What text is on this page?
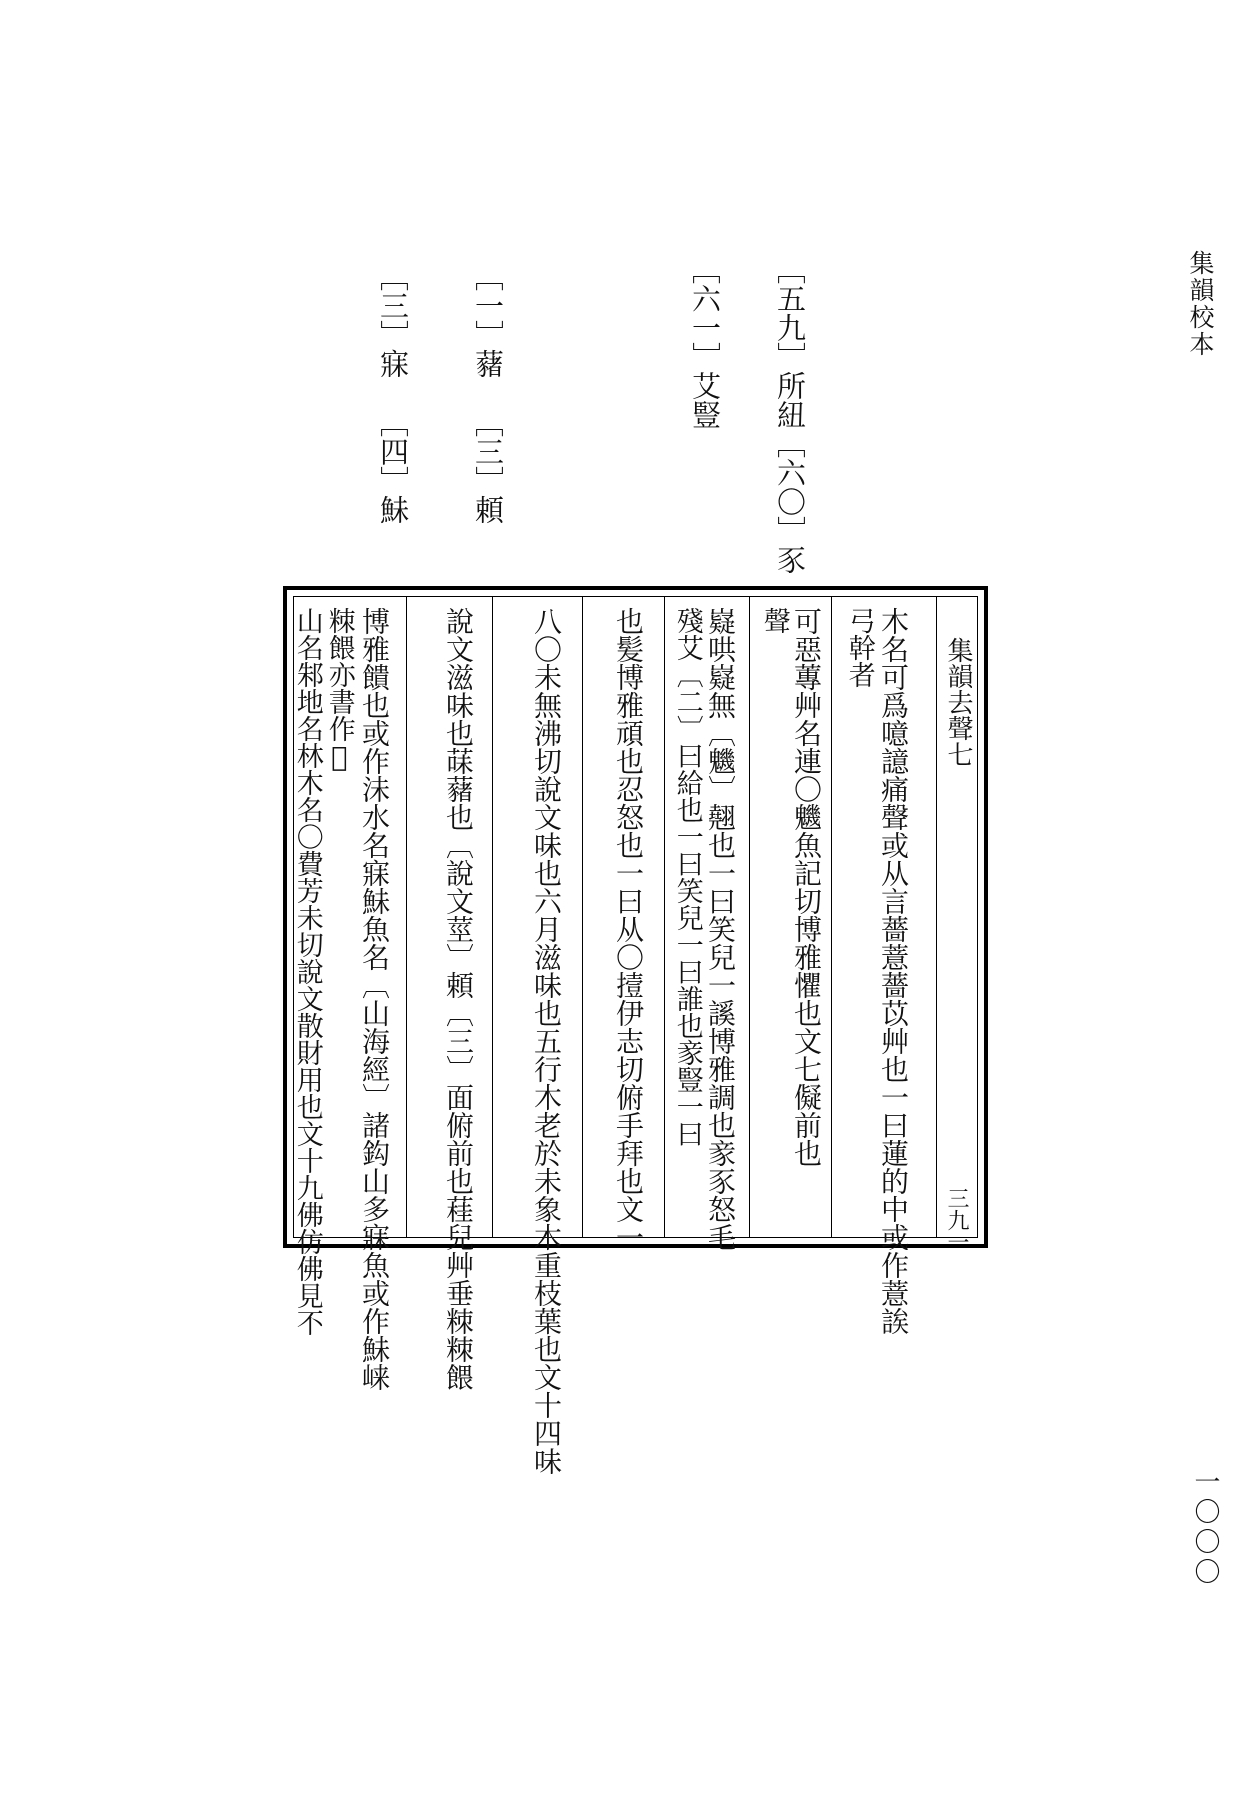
集韻校本
一〇〇〇
［五九］所紐［六〇］豕
［六一］艾豎
［一］藸［三］頼
［三］寐［四］鮇
集韻去聲七
三九一
木名可爲噫譩痛聲或从言薔薏薔苡艸也一曰蓮的中或作薏誒
弓幹者
可惡蓴艸名連〇魕魚記切博雅懼也文七儗前也
聲
嶷哄嶷無〔魕〕翹也一曰笑兒一謑博雅調也豙豕怒毛
殘艾〔二〕曰給也一曰笑兒一曰誰也豙豎一曰
也髪博雅頑也忍怒也一曰从〇撎伊志切俯手拜也文一
八〇未無沸切說文味也六月滋味也五行木老於未象木重枝葉也文十四味
說文滋味也菋藸也〔說文莖〕頼〔三〕面俯前也蓕兒艸垂䊂䊂餵
博雅饋也或作沬水名寐鮇魚名〔山海經〕諸鈎山多寐魚或作鮇崃
䊂餵亦書作𥺸
山名邾地名林木名〇費芳未切說文散財用也文十九佛仿佛見不
